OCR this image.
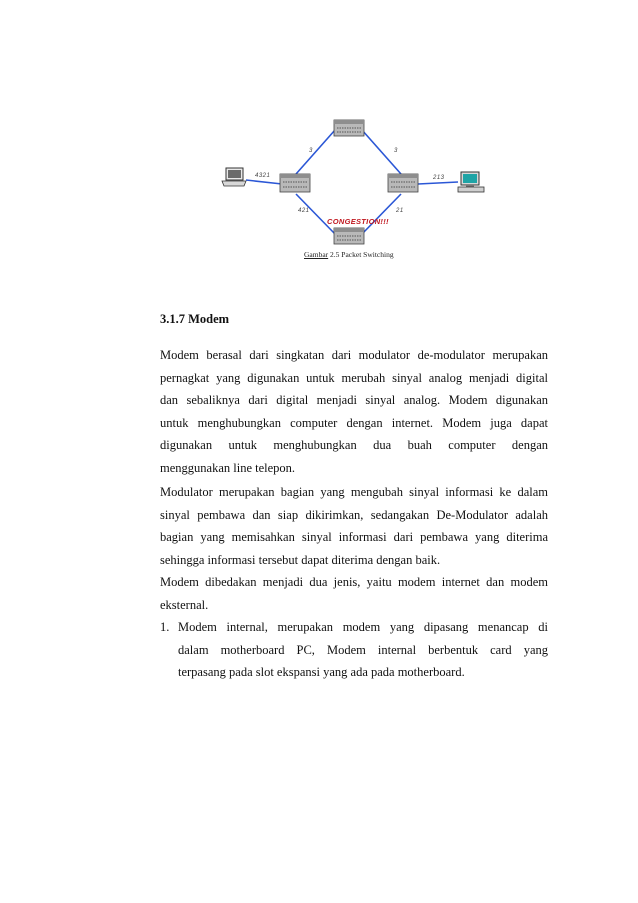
4321
3	3
213
421	21
CONGESTION!!!
Gambar 2.5 Packet Switching
3.1.7 Modem
Modem berasal dari singkatan dari modulator de-modulator merupakan
pernagkat yang digunakan untuk merubah sinyal analog menjadi digital
dan sebaliknya dari digital menjadi sinyal analog. Modem digunakan
untuk menghubungkan computer dengan internet. Modem juga dapat
digunakan untuk menghubungkan dua buah computer dengan
menggunakan line telepon.
Modulator merupakan bagian yang mengubah sinyal informasi ke dalam
sinyal pembawa dan siap dikirimkan, sedangakan De-Modulator adalah
bagian yang memisahkan sinyal informasi dari pembawa yang diterima
sehingga informasi tersebut dapat diterima dengan baik.
Modem dibedakan menjadi dua jenis, yaitu modem internet dan modem
eksternal.
1. Modem internal, merupakan modem yang dipasang menancap di
dalam motherboard PC, Modem internal berbentuk card yang
terpasang pada slot ekspansi yang ada pada motherboard.
